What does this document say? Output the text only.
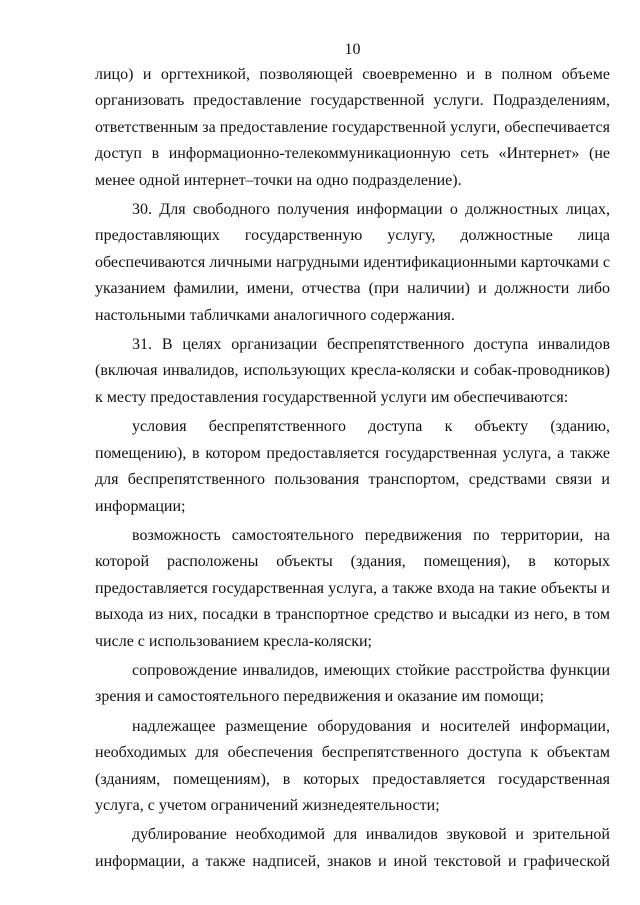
10

лицо) и оргтехникой, позволяющей своевременно и в полном объеме организовать предоставление государственной услуги. Подразделениям, ответственным за предоставление государственной услуги, обеспечивается доступ в информационно-телекоммуникационную сеть «Интернет» (не менее одной интернет–точки на одно подразделение).

30. Для свободного получения информации о должностных лицах, предоставляющих государственную услугу, должностные лица обеспечиваются личными нагрудными идентификационными карточками с указанием фамилии, имени, отчества (при наличии) и должности либо настольными табличками аналогичного содержания.

31. В целях организации беспрепятственного доступа инвалидов (включая инвалидов, использующих кресла-коляски и собак-проводников) к месту предоставления государственной услуги им обеспечиваются:

условия беспрепятственного доступа к объекту (зданию, помещению), в котором предоставляется государственная услуга, а также для беспрепятственного пользования транспортом, средствами связи и информации;

возможность самостоятельного передвижения по территории, на которой расположены объекты (здания, помещения), в которых предоставляется государственная услуга, а также входа на такие объекты и выхода из них, посадки в транспортное средство и высадки из него, в том числе с использованием кресла-коляски;

сопровождение инвалидов, имеющих стойкие расстройства функции зрения и самостоятельного передвижения и оказание им помощи;

надлежащее размещение оборудования и носителей информации, необходимых для обеспечения беспрепятственного доступа к объектам (зданиям, помещениям), в которых предоставляется государственная услуга, с учетом ограничений жизнедеятельности;

дублирование необходимой для инвалидов звуковой и зрительной информации, а также надписей, знаков и иной текстовой и графической
